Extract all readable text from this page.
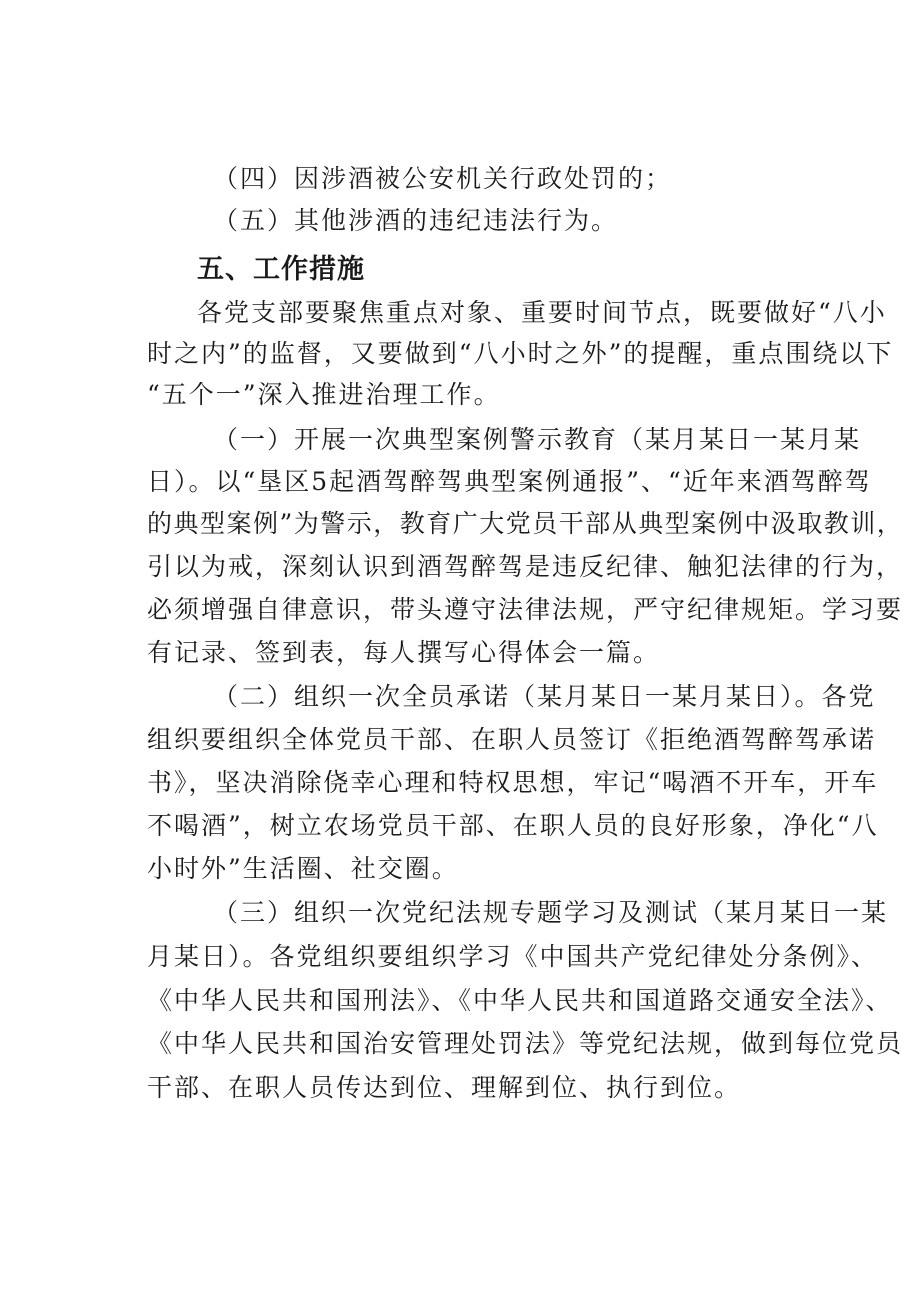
（四）因涉酒被公安机关行政处罚的；
（五）其他涉酒的违纪违法行为。
五、工作措施
各党支部要聚焦重点对象、重要时间节点，既要做好“八小
时之内”的监督，又要做到“八小时之外”的提醒，重点围绕以下
“五个一”深入推进治理工作。
（一）开展一次典型案例警示教育（某月某日一某月某
日）。以“垦区5起酒驾醉驾典型案例通报”、“近年来酒驾醉驾
的典型案例”为警示，教育广大党员干部从典型案例中汲取教训，
引以为戒，深刻认识到酒驾醉驾是违反纪律、触犯法律的行为，
必须增强自律意识，带头遵守法律法规，严守纪律规矩。学习要
有记录、签到表，每人撰写心得体会一篇。
（二）组织一次全员承诺（某月某日一某月某日）。各党
组织要组织全体党员干部、在职人员签订《拒绝酒驾醉驾承诺
书》，坚决消除侥幸心理和特权思想，牢记“喝酒不开车，开车
不喝酒”，树立农场党员干部、在职人员的良好形象，净化“八
小时外”生活圈、社交圈。
（三）组织一次党纪法规专题学习及测试（某月某日一某
月某日）。各党组织要组织学习《中国共产党纪律处分条例》、
《中华人民共和国刑法》、《中华人民共和国道路交通安全法》、
《中华人民共和国治安管理处罚法》等党纪法规，做到每位党员
干部、在职人员传达到位、理解到位、执行到位。
